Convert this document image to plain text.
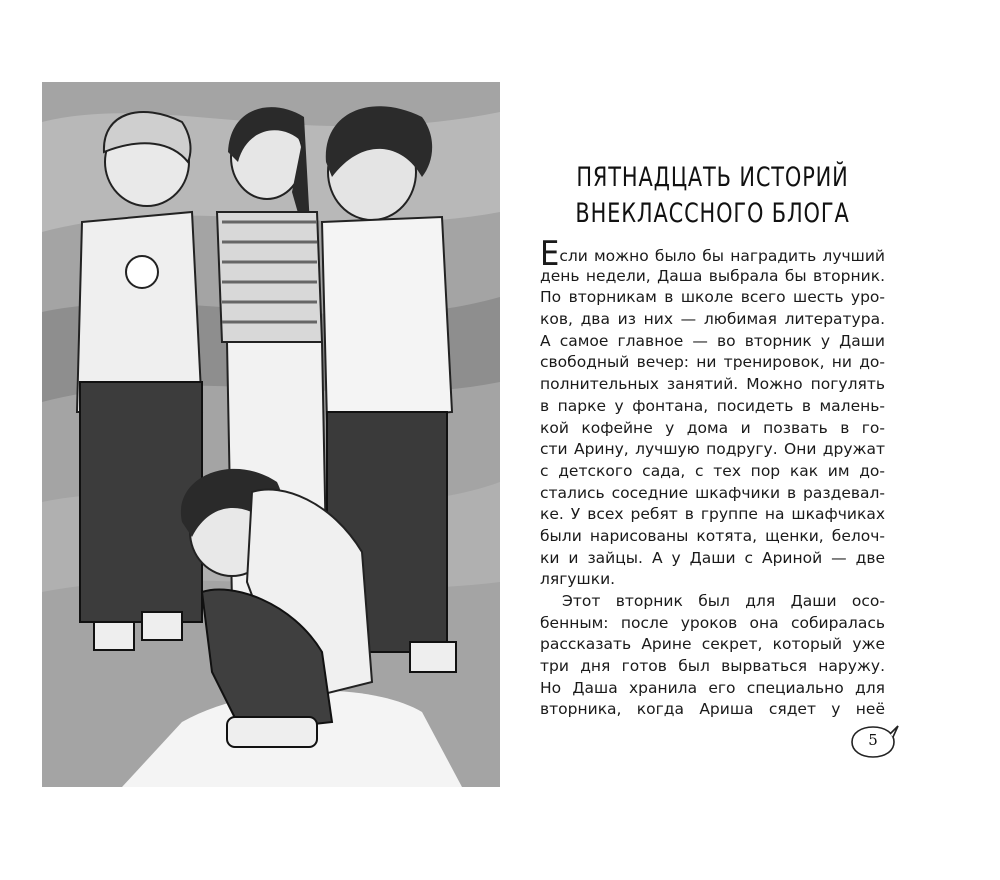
ПЯТНАДЦАТЬ ИСТОРИЙ
ВНЕКЛАССНОГО БЛОГА
Если можно было бы наградить лучший
день недели, Даша выбрала бы вторник.
По вторникам в школе всего шесть уро-
ков, два из них — любимая литература.
А самое главное — во вторник у Даши
свободный вечер: ни тренировок, ни до-
полнительных занятий. Можно погулять
в парке у фонтана, посидеть в малень-
кой кофейне у дома и позвать в го-
сти Арину, лучшую подругу. Они дружат
с детского сада, с тех пор как им до-
стались соседние шкафчики в раздевал-
ке. У всех ребят в группе на шкафчиках
были нарисованы котята, щенки, белоч-
ки и зайцы. А у Даши с Ариной — две
лягушки.
Этот вторник был для Даши осо-
бенным: после уроков она собиралась
рассказать Арине секрет, который уже
три дня готов был вырваться наружу.
Но Даша хранила его специально для
вторника, когда Ариша сядет у неё
5
